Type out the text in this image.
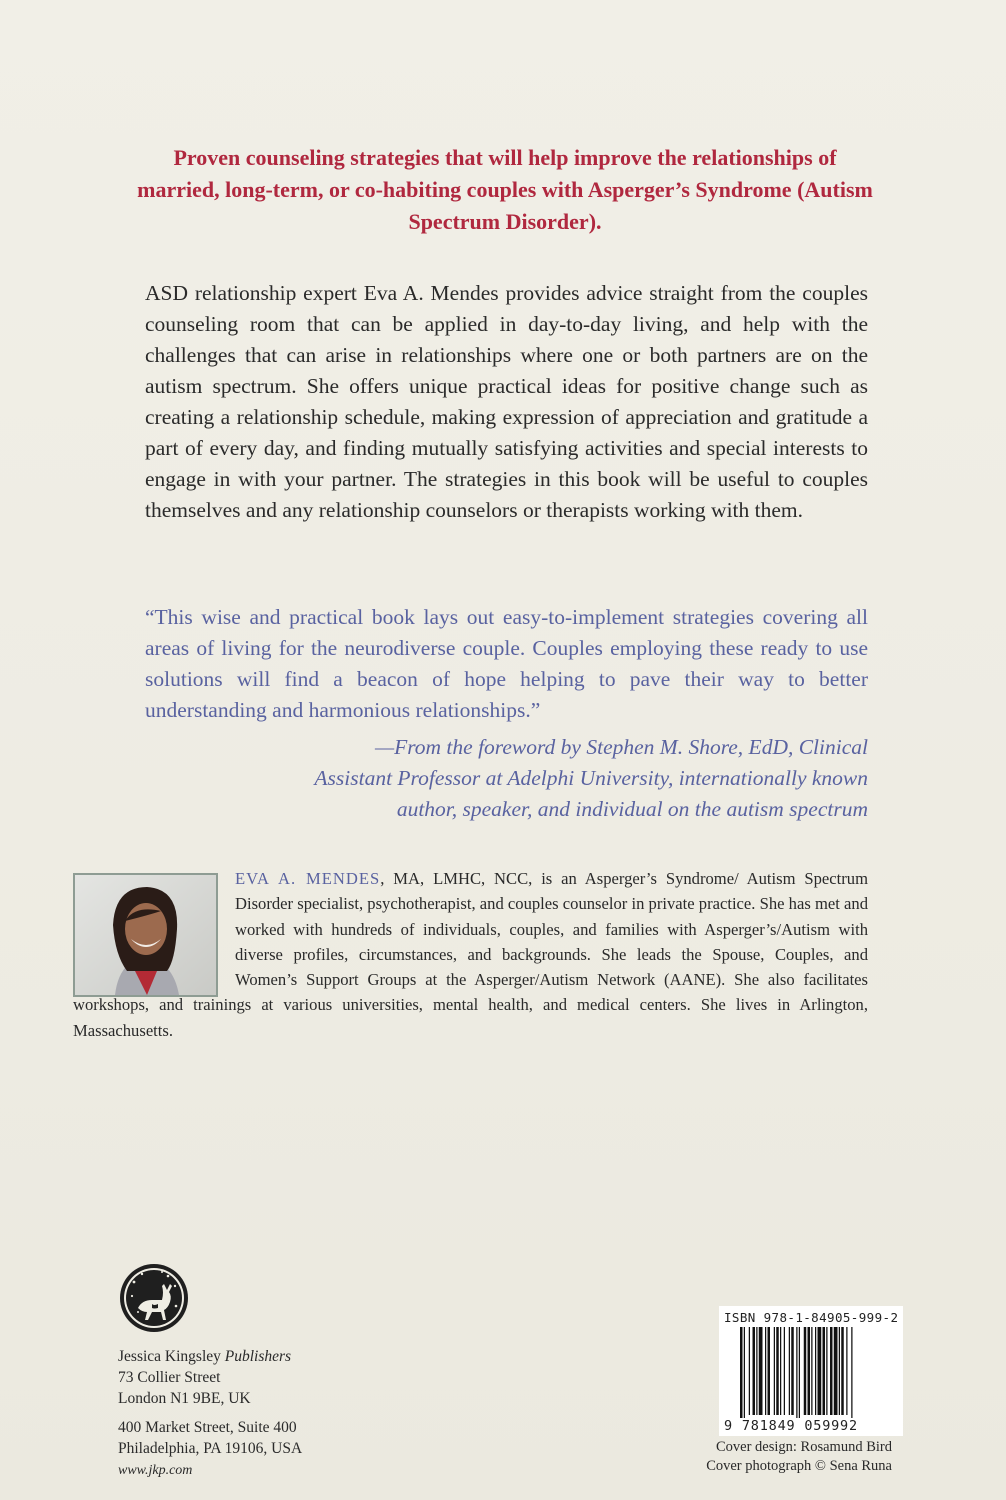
Proven counseling strategies that will help improve the relationships of married, long-term, or co-habiting couples with Asperger’s Syndrome (Autism Spectrum Disorder).
ASD relationship expert Eva A. Mendes provides advice straight from the couples counseling room that can be applied in day-to-day living, and help with the challenges that can arise in relationships where one or both partners are on the autism spectrum. She offers unique practical ideas for positive change such as creating a relationship schedule, making expression of appreciation and gratitude a part of every day, and finding mutually satisfying activities and special interests to engage in with your partner. The strategies in this book will be useful to couples themselves and any relationship counselors or therapists working with them.
“This wise and practical book lays out easy-to-implement strategies covering all areas of living for the neurodiverse couple. Couples employing these ready to use solutions will find a beacon of hope helping to pave their way to better understanding and harmonious relationships.”
—From the foreword by Stephen M. Shore, EdD, Clinical
Assistant Professor at Adelphi University, internationally known
author, speaker, and individual on the autism spectrum
EVA A. MENDES, MA, LMHC, NCC, is an Asperger’s Syndrome/ Autism Spectrum Disorder specialist, psychotherapist, and couples counselor in private practice. She has met and worked with hundreds of individuals, couples, and families with Asperger’s/Autism with diverse profiles, circumstances, and backgrounds. She leads the Spouse, Couples, and Women’s Support Groups at the Asperger/Autism Network (AANE). She also facilitates workshops, and trainings at various universities, mental health, and medical centers. She lives in Arlington, Massachusetts.
Jessica Kingsley Publishers
73 Collier Street
London N1 9BE, UK
400 Market Street, Suite 400
Philadelphia, PA 19106, USA
www.jkp.com
ISBN 978-1-84905-999-2
9 781849 059992
Cover design: Rosamund Bird
Cover photograph © Sena Runa
